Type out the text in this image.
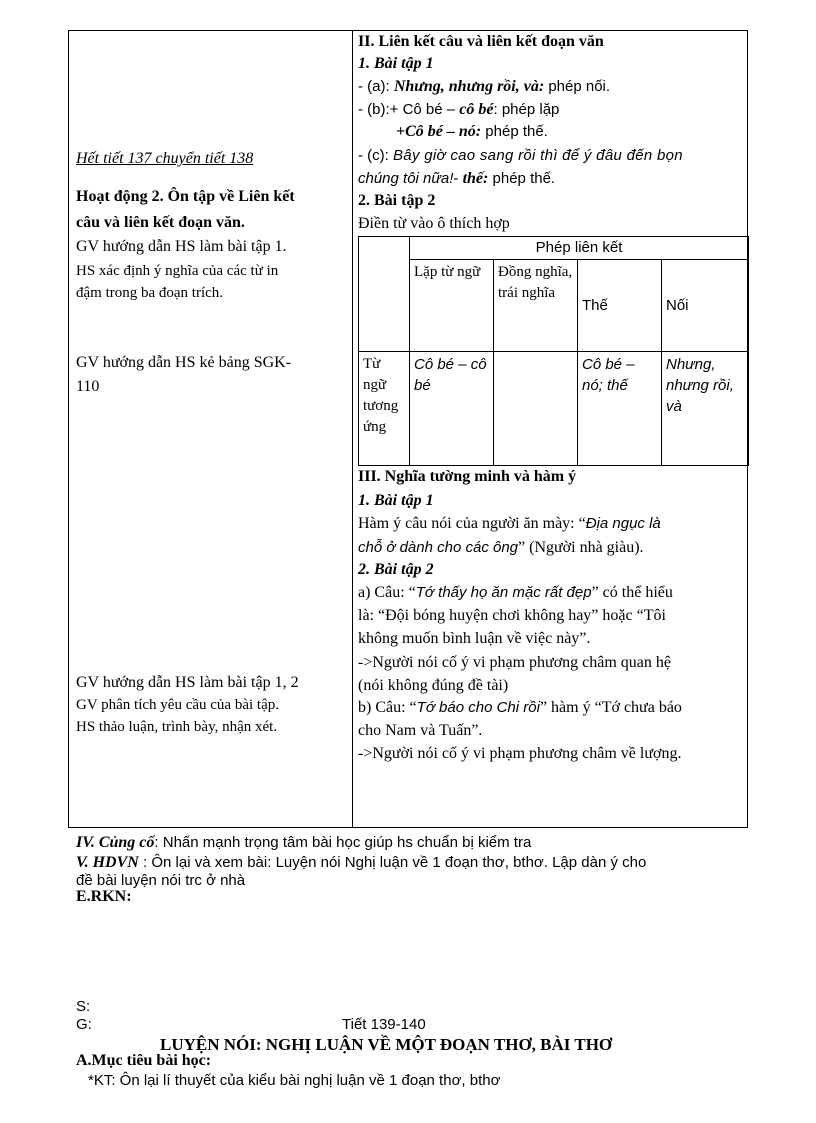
Hết tiết 137 chuyển tiết 138
Hoạt động 2. Ôn tập về Liên kết
câu và liên kết đoạn văn.
GV hướng dẫn HS làm bài tập 1.
HS xác định ý nghĩa của các từ in
đậm trong ba đoạn trích.
GV hướng dẫn HS kẻ bảng SGK-
110
GV hướng dẫn HS làm bài tập 1, 2
GV phân tích yêu cầu của bài tập.
HS thảo luận, trình bày, nhận xét.
II. Liên kết câu và liên kết đoạn văn
1. Bài tập 1
- (a): Nhưng, nhưng rồi, và: phép nối.
- (b):+ Cô bé – cô bé: phép lặp
+Cô bé – nó: phép thế.
- (c): Bây giờ cao sang rồi thì để ý đâu đến bọn
chúng tôi nữa!- thế: phép thế.
2. Bài tập 2
Điền từ vào ô thích hợp
	Phép liên kết			
	Lặp từ ngữ	Đồng nghĩa, trái nghĩa	Thế	Nối
Từ ngữ tương ứng	Cô bé – cô bé		Cô bé – nó; thế	Nhưng, nhưng rồi, và
III. Nghĩa tường minh và hàm ý
1. Bài tập 1
Hàm ý câu nói của người ăn mày: “Địa ngục là
chỗ ở dành cho các ông” (Người nhà giàu).
2. Bài tập 2
a) Câu: “Tớ thấy họ ăn mặc rất đẹp” có thể hiểu
là: “Đội bóng huyện chơi không hay” hoặc “Tôi
không muốn bình luận về việc này”.
->Người nói cố ý vi phạm phương châm quan hệ
(nói không đúng đề tài)
b) Câu: “Tớ báo cho Chi rồi” hàm ý “Tớ chưa báo
cho Nam và Tuấn”.
->Người nói cố ý vi phạm phương châm về lượng.
IV. Củng cố: Nhấn mạnh trọng tâm bài học giúp hs chuẩn bị kiểm tra
V. HDVN : Ôn lại và xem bài: Luyện nói Nghị luận về 1 đoạn thơ, bthơ. Lập dàn ý cho
đề bài luyện nói trc ở nhà
E.RKN:
S:
G:	Tiết 139-140
LUYỆN NÓI: NGHỊ LUẬN VỀ MỘT ĐOẠN THƠ, BÀI THƠ
A.Mục tiêu bài học:
*KT: Ôn lại lí thuyết của kiểu bài nghị luận về 1 đoạn thơ, bthơ
